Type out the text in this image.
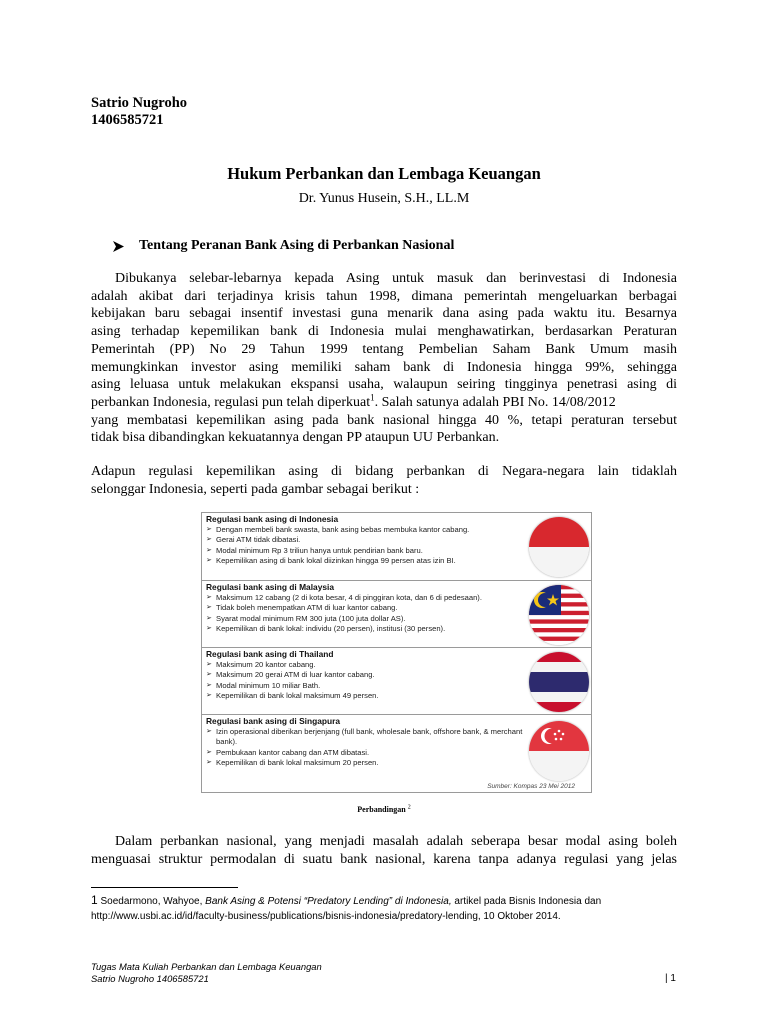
Satrio Nugroho
1406585721
Hukum Perbankan dan Lembaga Keuangan
Dr. Yunus Husein, S.H., LL.M
Tentang Peranan Bank Asing di Perbankan Nasional
Dibukanya selebar-lebarnya kepada Asing untuk masuk dan berinvestasi di Indonesia
adalah akibat dari terjadinya krisis tahun 1998, dimana pemerintah mengeluarkan berbagai
kebijakan baru sebagai insentif investasi guna menarik dana asing pada waktu itu. Besarnya
asing terhadap kepemilikan bank di Indonesia mulai menghawatirkan, berdasarkan Peraturan
Pemerintah (PP) No 29 Tahun 1999 tentang Pembelian Saham Bank Umum masih
memungkinkan investor asing memiliki saham bank di Indonesia hingga 99%, sehingga
asing leluasa untuk melakukan ekspansi usaha, walaupun seiring tingginya penetrasi asing di
perbankan Indonesia, regulasi pun telah diperkuat$^1$. Salah satunya adalah PBI No. 14/08/2012
yang membatasi kepemilikan asing pada bank nasional hingga 40 %, tetapi peraturan tersebut
tidak bisa dibandingkan kekuatannya dengan PP ataupun UU Perbankan.
Adapun regulasi kepemilikan asing di bidang perbankan di Negara-negara lain tidaklah
selonggar Indonesia, seperti pada gambar sebagai berikut :
Regulasi bank asing di Indonesia
➢ Dengan membeli bank swasta, bank asing bebas membuka kantor cabang.
➢ Gerai ATM tidak dibatasi.
➢ Modal minimum Rp 3 triliun hanya untuk pendirian bank baru.
➢ Kepemilikan asing di bank lokal diizinkan hingga 99 persen atas izin BI.
Regulasi bank asing di Malaysia
➢ Maksimum 12 cabang (2 di kota besar, 4 di pinggiran kota, dan 6 di pedesaan).
➢ Tidak boleh menempatkan ATM di luar kantor cabang.
➢ Syarat modal minimum RM 300 juta (100 juta dollar AS).
➢ Kepemilikan di bank lokal: individu (20 persen), institusi (30 persen).
Regulasi bank asing di Thailand
➢ Maksimum 20 kantor cabang.
➢ Maksimum 20 gerai ATM di luar kantor cabang.
➢ Modal minimum 10 miliar Bath.
➢ Kepemilikan di bank lokal maksimum 49 persen.
Regulasi bank asing di Singapura
➢ Izin operasional diberikan berjenjang (full bank, wholesale bank, offshore bank, & merchant bank).
➢ Pembukaan kantor cabang dan ATM dibatasi.
➢ Kepemilikan di bank lokal maksimum 20 persen.
Sumber: Kompas 23 Mei 2012
Perbandingan $^2$
Dalam perbankan nasional, yang menjadi masalah adalah seberapa besar modal asing boleh
menguasai struktur permodalan di suatu bank nasional, karena tanpa adanya regulasi yang jelas
1 Soedarmono, Wahyoe, Bank Asing & Potensi “Predatory Lending” di Indonesia, artikel pada Bisnis Indonesia dan
http://www.usbi.ac.id/id/faculty-business/publications/bisnis-indonesia/predatory-lending, 10 Oktober 2014.
Tugas Mata Kuliah Perbankan dan Lembaga Keuangan
Satrio Nugroho 1406585721	| 1
